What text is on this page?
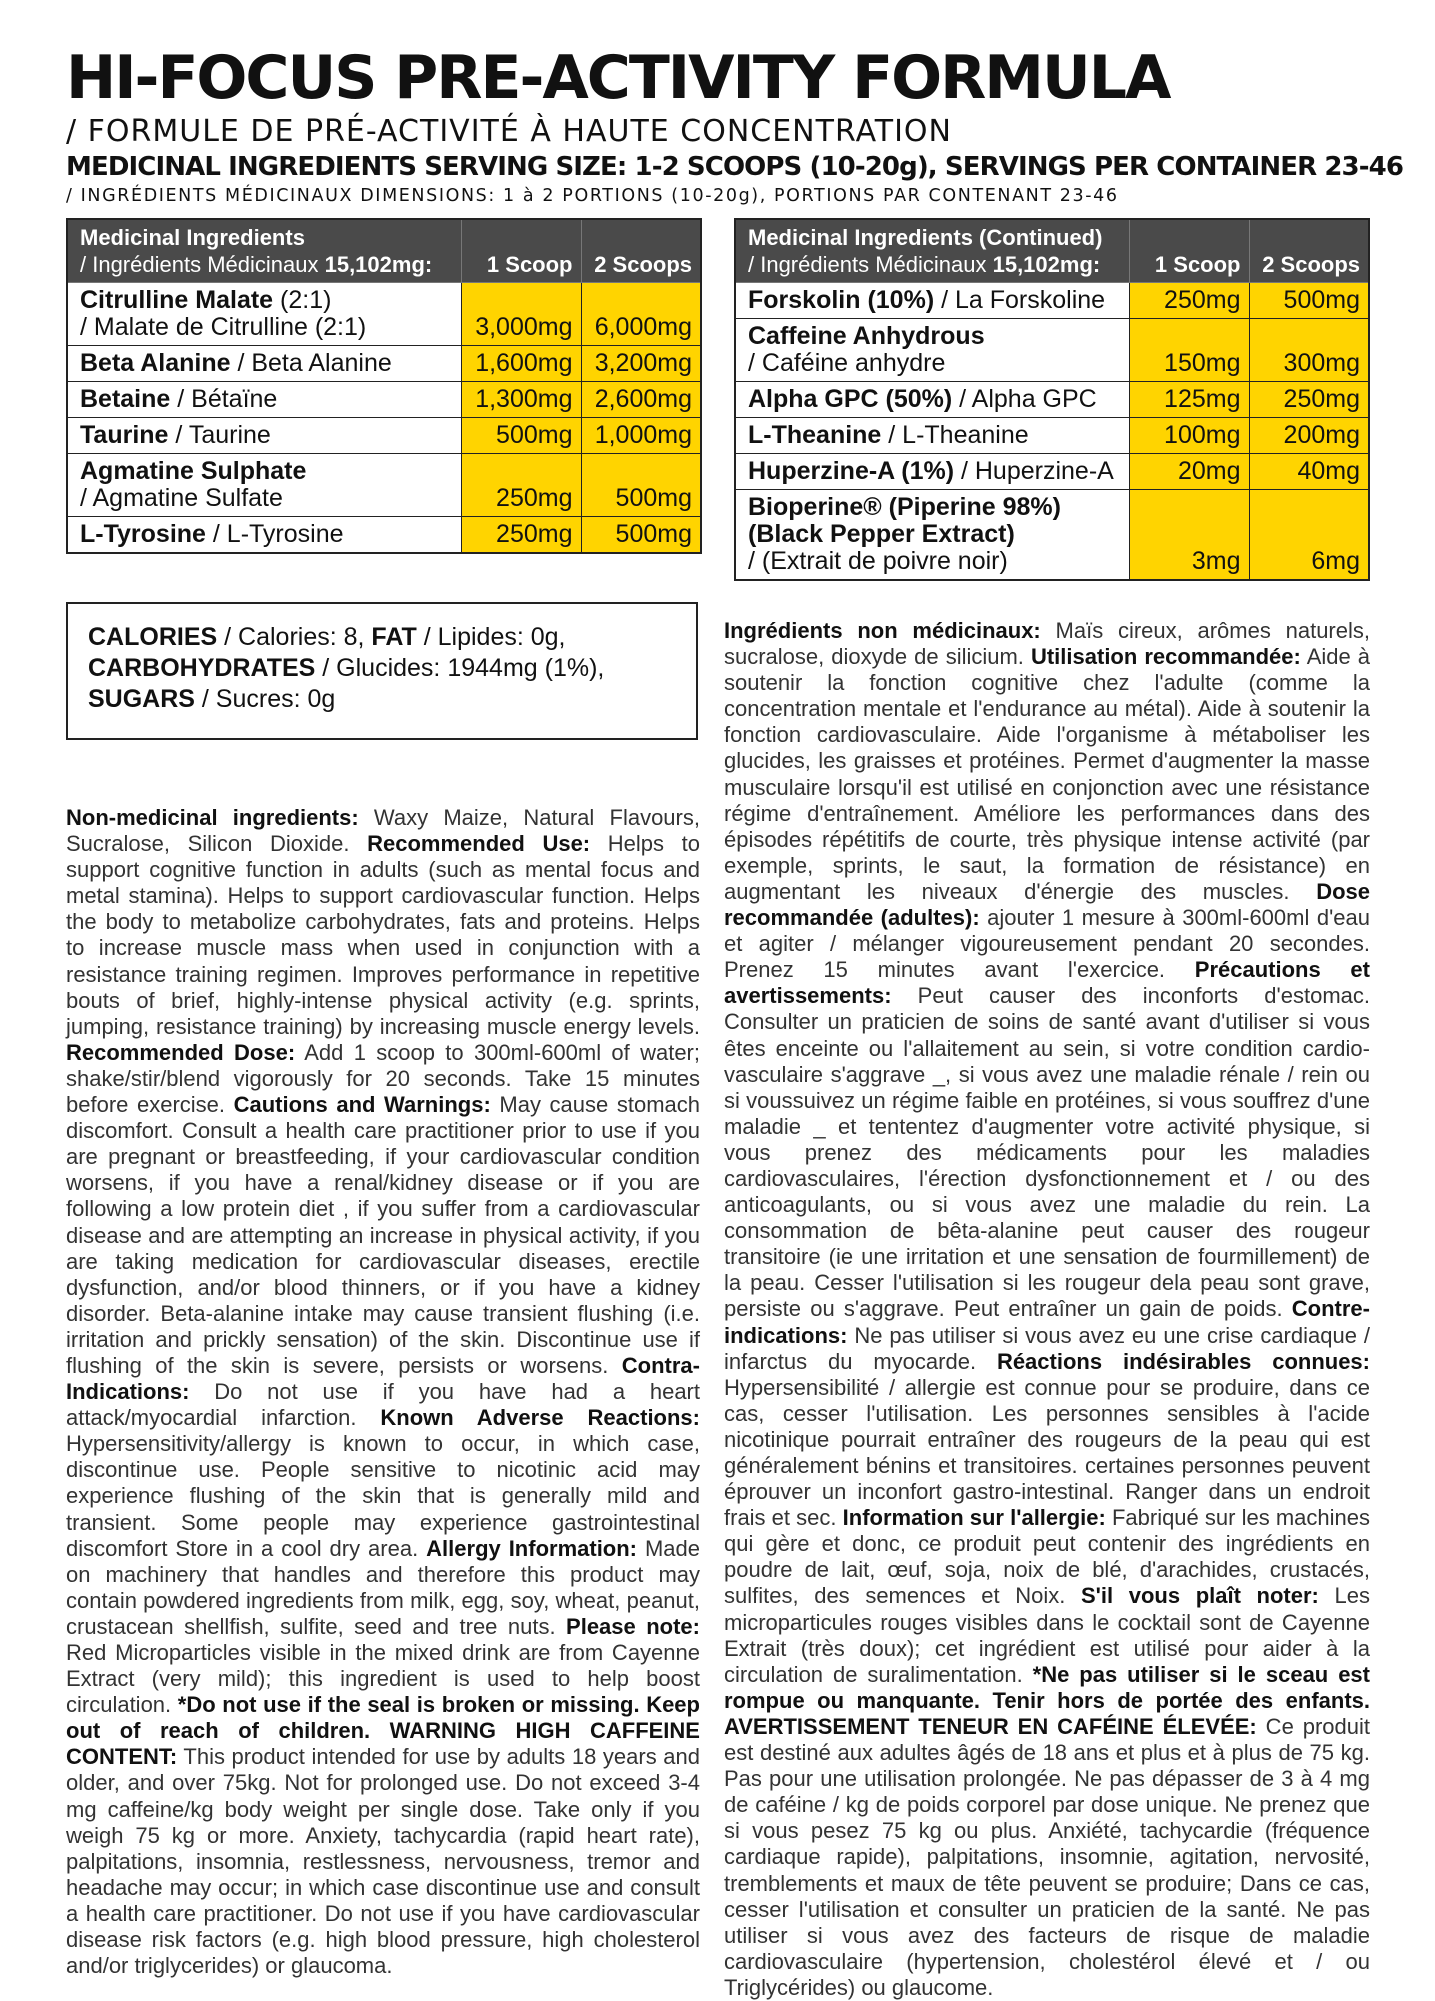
HI-FOCUS PRE-ACTIVITY FORMULA
/ FORMULE DE PRÉ-ACTIVITÉ À HAUTE CONCENTRATION
MEDICINAL INGREDIENTS SERVING SIZE: 1-2 SCOOPS (10-20g), SERVINGS PER CONTAINER 23-46
/ INGRÉDIENTS MÉDICINAUX DIMENSIONS: 1 à 2 PORTIONS (10-20g), PORTIONS PAR CONTENANT 23-46
Medicinal Ingredients
/ Ingrédients Médicinaux 15,102mg:	1 Scoop	2 Scoops
Citrulline Malate (2:1)
/ Malate de Citrulline (2:1)	3,000mg	6,000mg
Beta Alanine / Beta Alanine	1,600mg	3,200mg
Betaine / Bétaïne	1,300mg	2,600mg
Taurine / Taurine	500mg	1,000mg
Agmatine Sulphate
/ Agmatine Sulfate	250mg	500mg
L-Tyrosine / L-Tyrosine	250mg	500mg
Medicinal Ingredients (Continued)
/ Ingrédients Médicinaux 15,102mg:	1 Scoop	2 Scoops
Forskolin (10%) / La Forskoline	250mg	500mg
Caffeine Anhydrous
/ Caféine anhydre	150mg	300mg
Alpha GPC (50%) / Alpha GPC	125mg	250mg
L-Theanine / L-Theanine	100mg	200mg
Huperzine-A (1%) / Huperzine-A	20mg	40mg
Bioperine® (Piperine 98%)
(Black Pepper Extract)
/ (Extrait de poivre noir)	3mg	6mg
CALORIES / Calories: 8, FAT / Lipides: 0g,
CARBOHYDRATES / Glucides: 1944mg (1%),
SUGARS / Sucres: 0g

Non-medicinal ingredients: Waxy Maize, Natural Flavours, Sucralose, Silicon Dioxide. Recommended Use: Helps to support cognitive function in adults (such as mental focus and metal stamina). Helps to support cardiovascular function. Helps the body to metabolize carbohydrates, fats and proteins. Helps to increase muscle mass when used in conjunction with a resistance training regimen. Improves performance in repetitive bouts of brief, highly-intense physical activity (e.g. sprints, jumping, resistance training) by increasing muscle energy levels. Recommended Dose: Add 1 scoop to 300ml-600ml of water; shake/stir/blend vigorously for 20 seconds. Take 15 minutes before exercise. Cautions and Warnings: May cause stomach discomfort. Consult a health care practitioner prior to use if you are pregnant or breastfeeding, if your cardiovascular condition worsens, if you have a renal/kidney disease or if you are following a low protein diet , if you suffer from a cardiovascular disease and are attempting an increase in physical activity, if you are taking medication for cardiovascular diseases, erectile dysfunction, and/or blood thinners, or if you have a kidney disorder. Beta-alanine intake may cause transient flushing (i.e. irritation and prickly sensation) of the skin. Discontinue use if flushing of the skin is severe, persists or worsens. Contra-Indications: Do not use if you have had a heart attack/myocardial infarction. Known Adverse Reactions: Hypersensitivity/allergy is known to occur, in which case, discontinue use. People sensitive to nicotinic acid may experience flushing of the skin that is generally mild and transient. Some people may experience gastrointestinal discomfort Store in a cool dry area. Allergy Information: Made on machinery that handles and therefore this product may contain powdered ingredients from milk, egg, soy, wheat, peanut, crustacean shellfish, sulfite, seed and tree nuts. Please note: Red Microparticles visible in the mixed drink are from Cayenne Extract (very mild); this ingredient is used to help boost circulation. *Do not use if the seal is broken or missing. Keep out of reach of children. WARNING HIGH CAFFEINE CONTENT: This product intended for use by adults 18 years and older, and over 75kg. Not for prolonged use. Do not exceed 3-4 mg caffeine/kg body weight per single dose. Take only if you weigh 75 kg or more. Anxiety, tachycardia (rapid heart rate), palpitations, insomnia, restlessness, nervousness, tremor and headache may occur; in which case discontinue use and consult a health care practitioner. Do not use if you have cardiovascular disease risk factors (e.g. high blood pressure, high cholesterol and/or triglycerides) or glaucoma.

Ingrédients non médicinaux: Maïs cireux, arômes naturels, sucralose, dioxyde de silicium. Utilisation recommandée: Aide à soutenir la fonction cognitive chez l'adulte (comme la concentration mentale et l'endurance au métal). Aide à soutenir la fonction cardiovasculaire. Aide l'organisme à métaboliser les glucides, les graisses et protéines. Permet d'augmenter la masse musculaire lorsqu'il est utilisé en conjonction avec une résistance régime d'entraînement. Améliore les performances dans des épisodes répétitifs de courte, très physique intense activité (par exemple, sprints, le saut, la formation de résistance) en augmentant les niveaux d'énergie des muscles. Dose recommandée (adultes): ajouter 1 mesure à 300ml-600ml d'eau et agiter / mélanger vigoureusement pendant 20 secondes. Prenez 15 minutes avant l'exercice. Précautions et avertissements: Peut causer des inconforts d'estomac. Consulter un praticien de soins de santé avant d'utiliser si vous êtes enceinte ou l'allaitement au sein, si votre condition cardio-vasculaire s'aggrave _, si vous avez une maladie rénale / rein ou si voussuivez un régime faible en protéines, si vous souffrez d'une maladie _ et tententez d'augmenter votre activité physique, si vous prenez des médicaments pour les maladies cardiovasculaires, l'érection dysfonctionnement et / ou des anticoagulants, ou si vous avez une maladie du rein. La consommation de bêta-alanine peut causer des rougeur transitoire (ie une irritation et une sensation de fourmillement) de la peau. Cesser l'utilisation si les rougeur dela peau sont grave, persiste ou s'aggrave. Peut entraîner un gain de poids. Contre-indications: Ne pas utiliser si vous avez eu une crise cardiaque / infarctus du myocarde. Réactions indésirables connues: Hypersensibilité / allergie est connue pour se produire, dans ce cas, cesser l'utilisation. Les personnes sensibles à l'acide nicotinique pourrait entraîner des rougeurs de la peau qui est généralement bénins et transitoires. certaines personnes peuvent éprouver un inconfort gastro-intestinal. Ranger dans un endroit frais et sec. Information sur l'allergie: Fabriqué sur les machines qui gère et donc, ce produit peut contenir des ingrédients en poudre de lait, œuf, soja, noix de blé, d'arachides, crustacés, sulfites, des semences et Noix. S'il vous plaît noter: Les microparticules rouges visibles dans le cocktail sont de Cayenne Extrait (très doux); cet ingrédient est utilisé pour aider à la circulation de suralimentation. *Ne pas utiliser si le sceau est rompue ou manquante. Tenir hors de portée des enfants. AVERTISSEMENT TENEUR EN CAFÉINE ÉLEVÉE: Ce produit est destiné aux adultes âgés de 18 ans et plus et à plus de 75 kg. Pas pour une utilisation prolongée. Ne pas dépasser de 3 à 4 mg de caféine / kg de poids corporel par dose unique. Ne prenez que si vous pesez 75 kg ou plus. Anxiété, tachycardie (fréquence cardiaque rapide), palpitations, insomnie, agitation, nervosité, tremblements et maux de tête peuvent se produire; Dans ce cas, cesser l'utilisation et consulter un praticien de la santé. Ne pas utiliser si vous avez des facteurs de risque de maladie cardiovasculaire (hypertension, cholestérol élevé et / ou Triglycérides) ou glaucome.
